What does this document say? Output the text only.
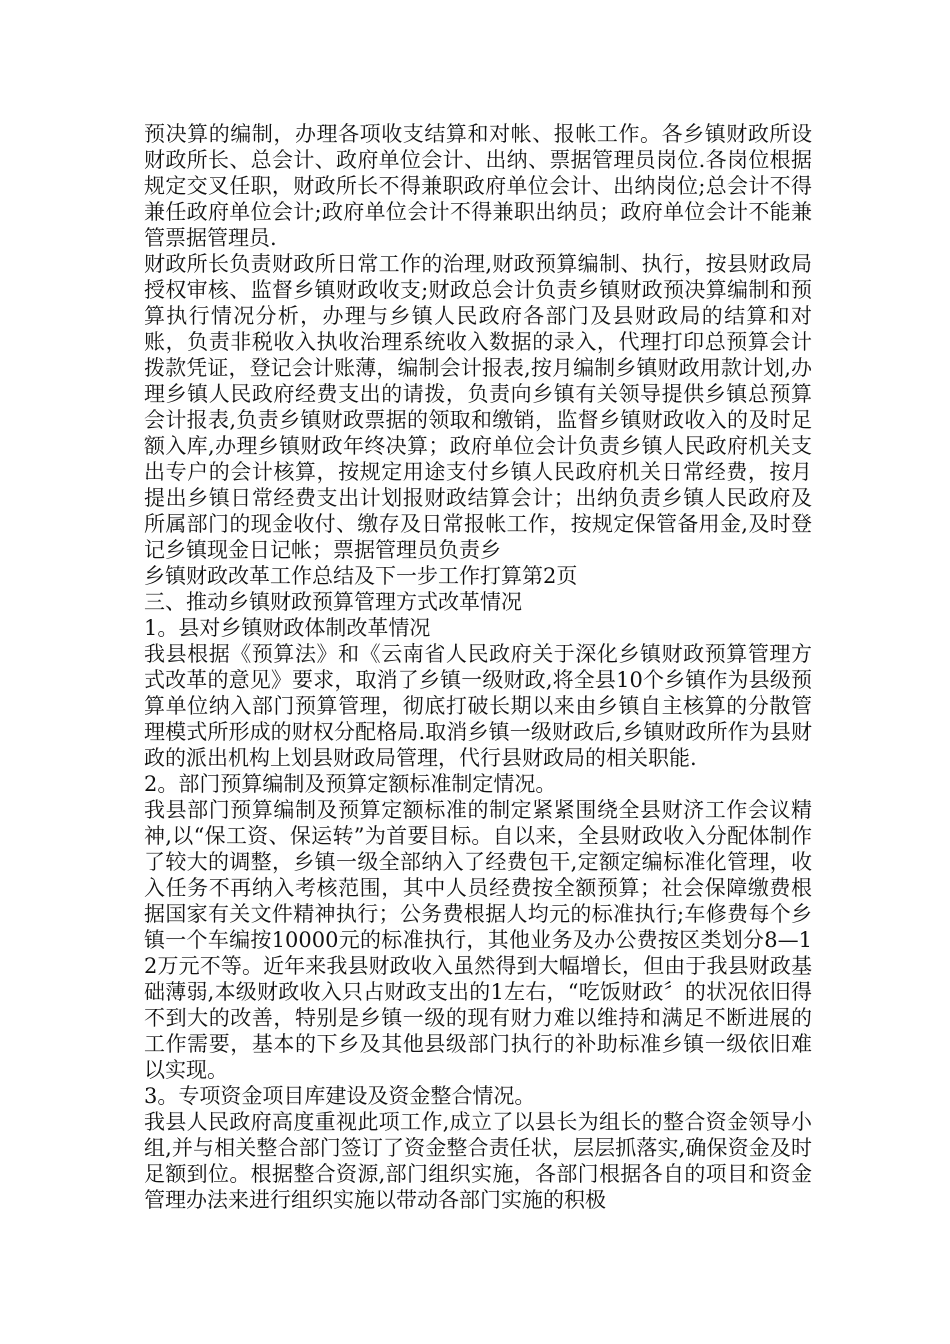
预决算的编制，办理各项收支结算和对帐、报帐工作。各乡镇财政所设财政所长、总会计、政府单位会计、出纳、票据管理员岗位.各岗位根据规定交叉任职，财政所长不得兼职政府单位会计、出纳岗位;总会计不得兼任政府单位会计;政府单位会计不得兼职出纳员；政府单位会计不能兼管票据管理员.

财政所长负责财政所日常工作的治理,财政预算编制、执行，按县财政局授权审核、监督乡镇财政收支;财政总会计负责乡镇财政预决算编制和预算执行情况分析，办理与乡镇人民政府各部门及县财政局的结算和对账，负责非税收入执收治理系统收入数据的录入，代理打印总预算会计拨款凭证，登记会计账薄，编制会计报表,按月编制乡镇财政用款计划,办理乡镇人民政府经费支出的请拨，负责向乡镇有关领导提供乡镇总预算会计报表,负责乡镇财政票据的领取和缴销，监督乡镇财政收入的及时足额入库,办理乡镇财政年终决算；政府单位会计负责乡镇人民政府机关支出专户的会计核算，按规定用途支付乡镇人民政府机关日常经费，按月提出乡镇日常经费支出计划报财政结算会计；出纳负责乡镇人民政府及所属部门的现金收付、缴存及日常报帐工作，按规定保管备用金,及时登记乡镇现金日记帐；票据管理员负责乡

乡镇财政改革工作总结及下一步工作打算第2页

三、推动乡镇财政预算管理方式改革情况

1。县对乡镇财政体制改革情况

我县根据《预算法》和《云南省人民政府关于深化乡镇财政预算管理方式改革的意见》要求，取消了乡镇一级财政,将全县10个乡镇作为县级预算单位纳入部门预算管理，彻底打破长期以来由乡镇自主核算的分散管理模式所形成的财权分配格局.取消乡镇一级财政后,乡镇财政所作为县财政的派出机构上划县财政局管理，代行县财政局的相关职能.

2。部门预算编制及预算定额标准制定情况。

我县部门预算编制及预算定额标准的制定紧紧围绕全县财济工作会议精神,以“保工资、保运转”为首要目标。自以来，全县财政收入分配体制作了较大的调整，乡镇一级全部纳入了经费包干,定额定编标准化管理，收入任务不再纳入考核范围，其中人员经费按全额预算；社会保障缴费根据国家有关文件精神执行；公务费根据人均元的标准执行;车修费每个乡镇一个车编按10000元的标准执行，其他业务及办公费按区类划分8—12万元不等。近年来我县财政收入虽然得到大幅增长，但由于我县财政基础薄弱,本级财政收入只占财政支出的1左右，“吃饭财政〞的状况依旧得不到大的改善，特别是乡镇一级的现有财力难以维持和满足不断进展的工作需要，基本的下乡及其他县级部门执行的补助标准乡镇一级依旧难以实现。

3。专项资金项目库建设及资金整合情况。

我县人民政府高度重视此项工作,成立了以县长为组长的整合资金领导小组,并与相关整合部门签订了资金整合责任状，层层抓落实,确保资金及时足额到位。根据整合资源,部门组织实施，各部门根据各自的项目和资金管理办法来进行组织实施以带动各部门实施的积极
